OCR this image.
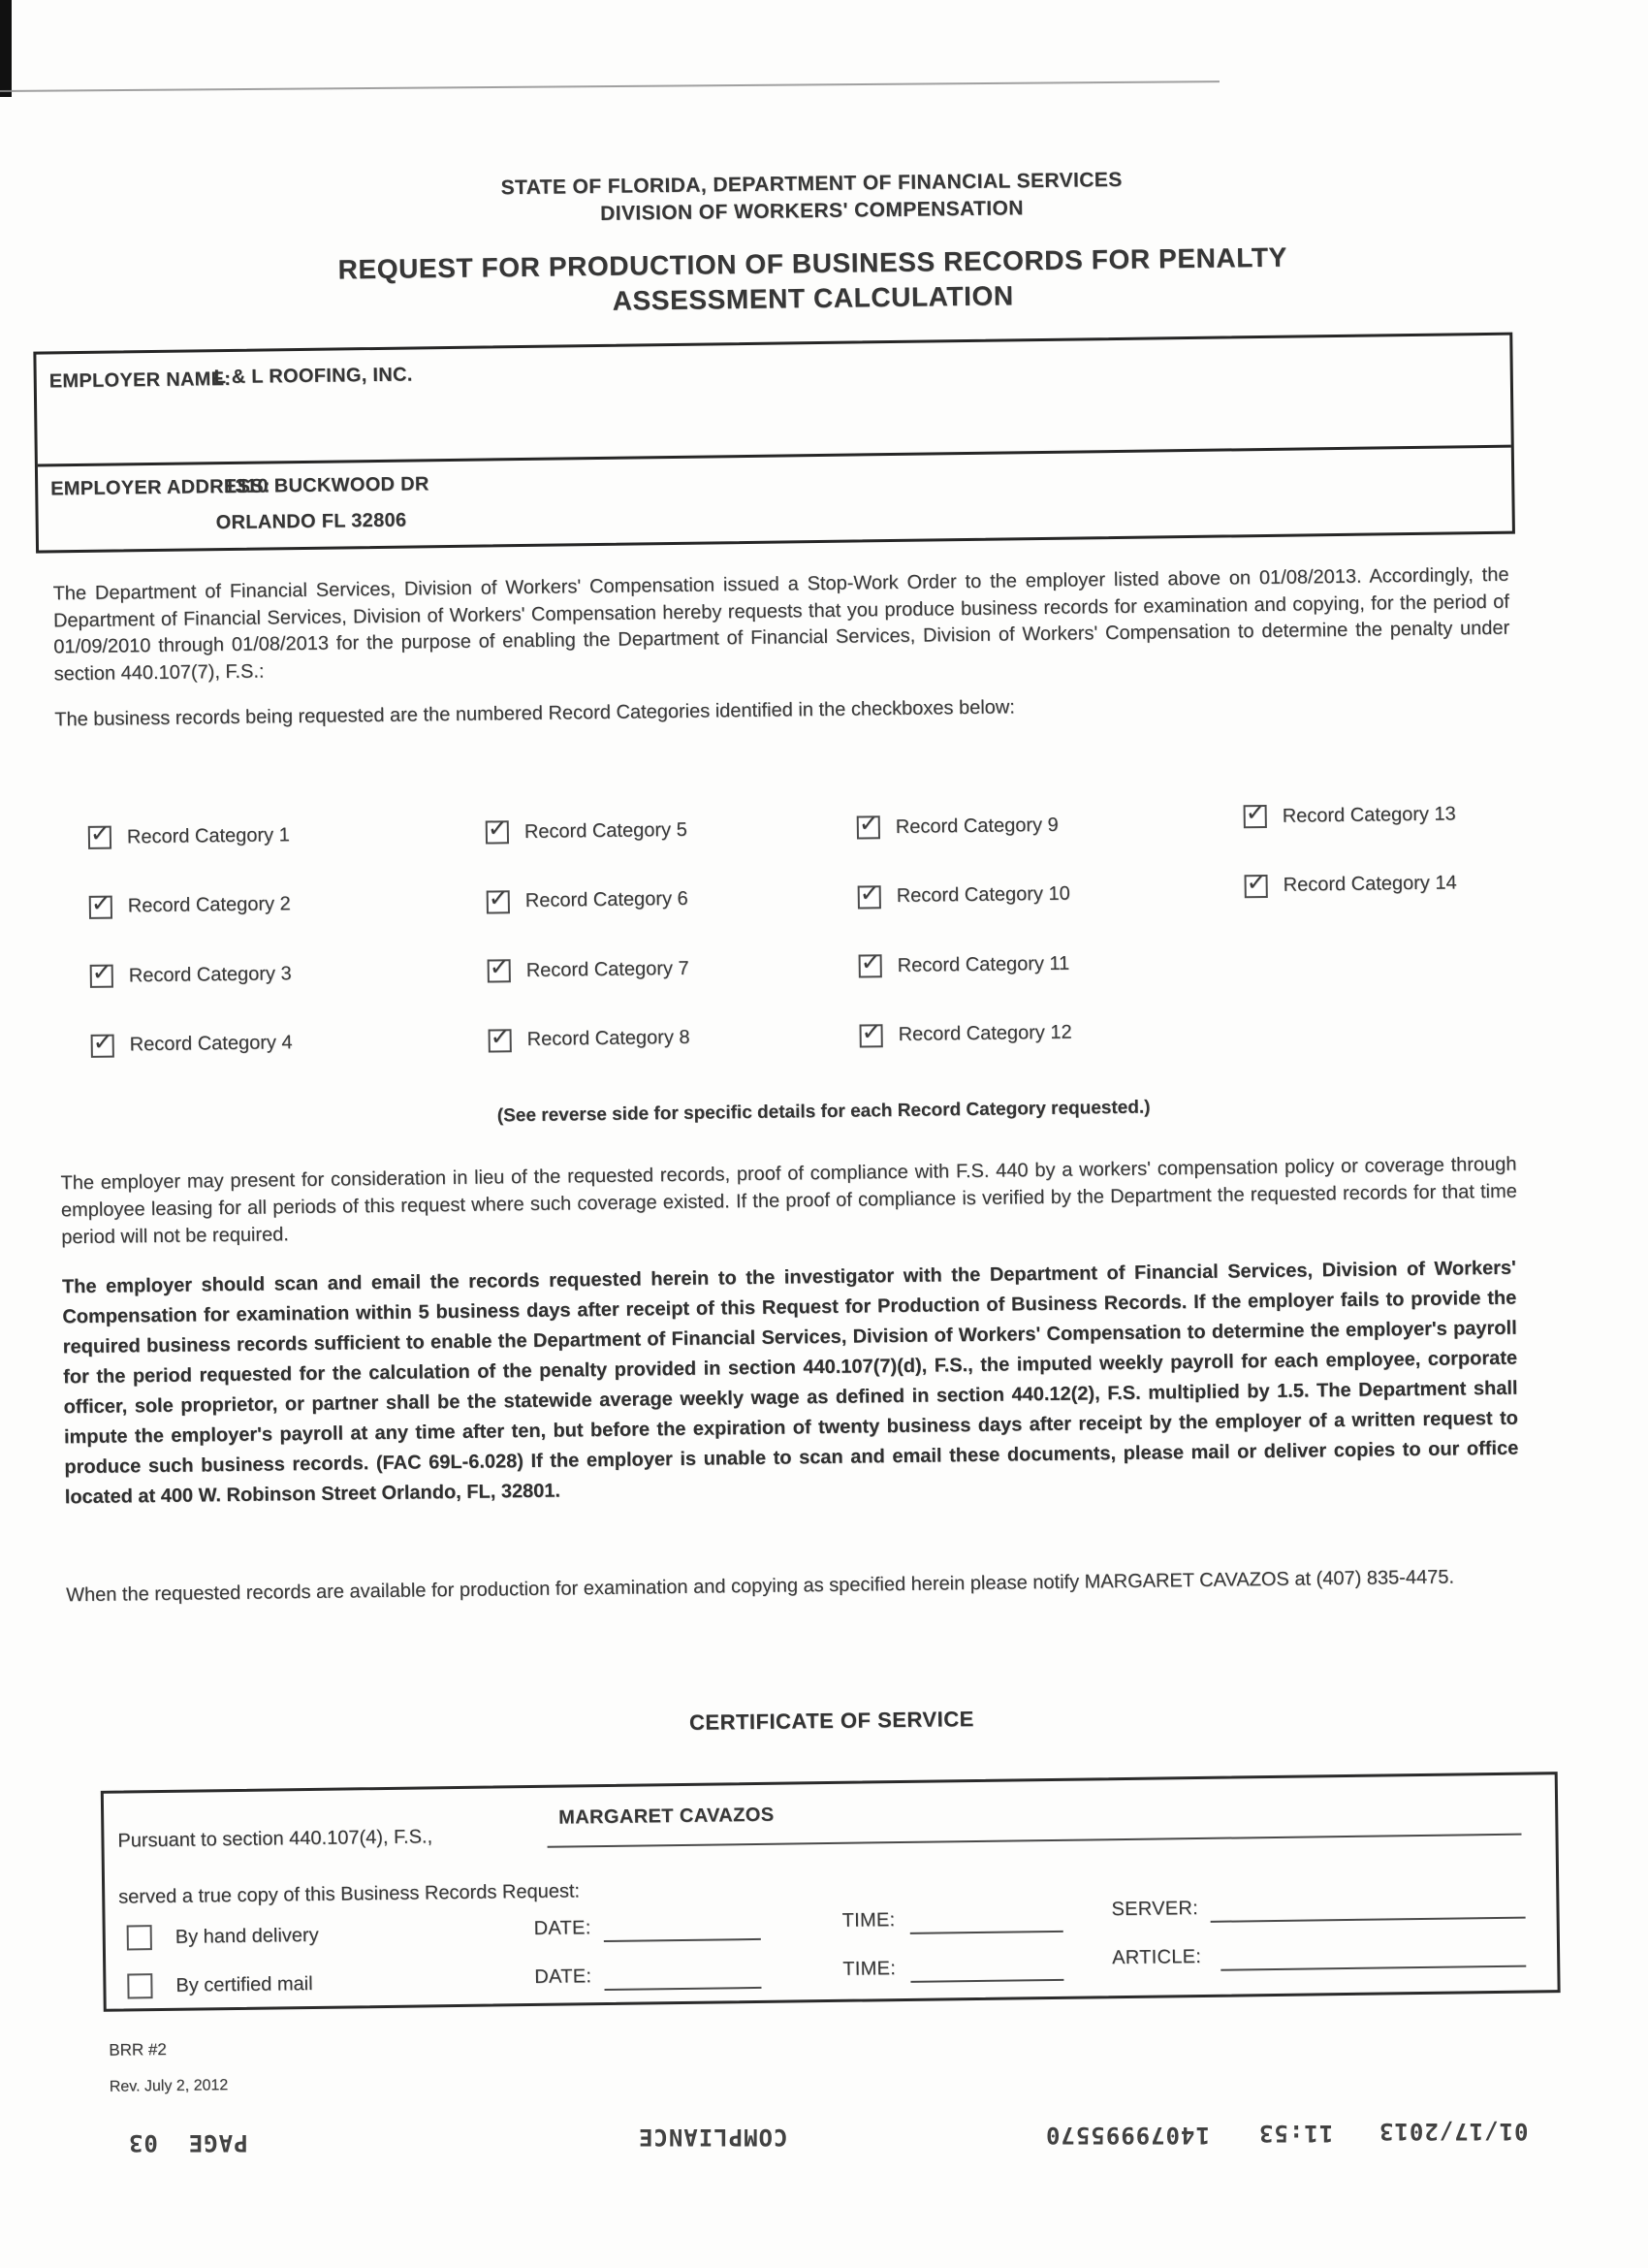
STATE OF FLORIDA, DEPARTMENT OF FINANCIAL SERVICES
DIVISION OF WORKERS' COMPENSATION
REQUEST FOR PRODUCTION OF BUSINESS RECORDS FOR PENALTY
ASSESSMENT CALCULATION
EMPLOYER NAME:
L & L ROOFING, INC.
EMPLOYER ADDRESS:
1310 BUCKWOOD DR
ORLANDO FL 32806
The Department of Financial Services, Division of Workers' Compensation issued a Stop-Work Order to the employer listed above on 01/08/2013. Accordingly, the Department of Financial Services, Division of Workers' Compensation hereby requests that you produce business records for examination and copying, for the period of 01/09/2010 through 01/08/2013 for the purpose of enabling the Department of Financial Services, Division of Workers' Compensation to determine the penalty under section 440.107(7), F.S.:
The business records being requested are the numbered Record Categories identified in the checkboxes below:
✓ Record Category 1
✓ Record Category 2
✓ Record Category 3
✓ Record Category 4
✓ Record Category 5
✓ Record Category 6
✓ Record Category 7
✓ Record Category 8
✓ Record Category 9
✓ Record Category 10
✓ Record Category 11
✓ Record Category 12
✓ Record Category 13
✓ Record Category 14
(See reverse side for specific details for each Record Category requested.)
The employer may present for consideration in lieu of the requested records, proof of compliance with F.S. 440 by a workers' compensation policy or coverage through employee leasing for all periods of this request where such coverage existed. If the proof of compliance is verified by the Department the requested records for that time period will not be required.
The employer should scan and email the records requested herein to the investigator with the Department of Financial Services, Division of Workers' Compensation for examination within 5 business days after receipt of this Request for Production of Business Records. If the employer fails to provide the required business records sufficient to enable the Department of Financial Services, Division of Workers' Compensation to determine the employer's payroll for the period requested for the calculation of the penalty provided in section 440.107(7)(d), F.S., the imputed weekly payroll for each employee, corporate officer, sole proprietor, or partner shall be the statewide average weekly wage as defined in section 440.12(2), F.S. multiplied by 1.5. The Department shall impute the employer's payroll at any time after ten, but before the expiration of twenty business days after receipt by the employer of a written request to produce such business records. (FAC 69L-6.028) If the employer is unable to scan and email these documents, please mail or deliver copies to our office located at 400 W. Robinson Street Orlando, FL, 32801.
When the requested records are available for production for examination and copying as specified herein please notify MARGARET CAVAZOS at (407) 835-4475.
CERTIFICATE OF SERVICE
Pursuant to section 440.107(4), F.S.,
MARGARET CAVAZOS
served a true copy of this Business Records Request:
By hand delivery	DATE:	TIME:
SERVER:
By certified mail	DATE:	TIME:
ARTICLE:
BRR #2
Rev. July 2, 2012
PAGE  03	COMPLIANCE	14079995570 11:53 01/17/2013
